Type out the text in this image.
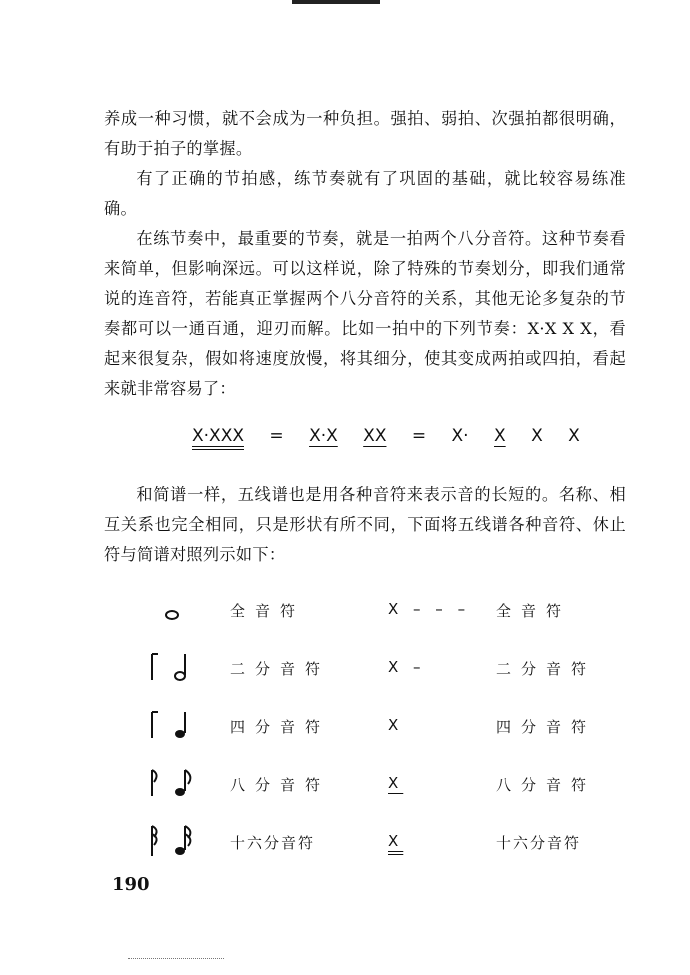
养成一种习惯，就不会成为一种负担。强拍、弱拍、次强拍都很明确，有助于拍子的掌握。

有了正确的节拍感，练节奏就有了巩固的基础，就比较容易练准确。

在练节奏中，最重要的节奏，就是一拍两个八分音符。这种节奏看来简单，但影响深远。可以这样说，除了特殊的节奏划分，即我们通常说的连音符，若能真正掌握两个八分音符的关系，其他无论多复杂的节奏都可以一通百通，迎刃而解。比如一拍中的下列节奏：X·X X X，看起来很复杂，假如将速度放慢，将其细分，使其变成两拍或四拍，看起来就非常容易了：

X·XXX = X·X XX = X· X X X

和简谱一样，五线谱也是用各种音符来表示音的长短的。名称、相互关系也完全相同，只是形状有所不同，下面将五线谱各种音符、休止符与简谱对照列示如下：

全音符	X – – – 全音符
二分音符	X –	二分音符
四分音符	X	四分音符
八分音符	X	八分音符
十六分音符	X	十六分音符
190
